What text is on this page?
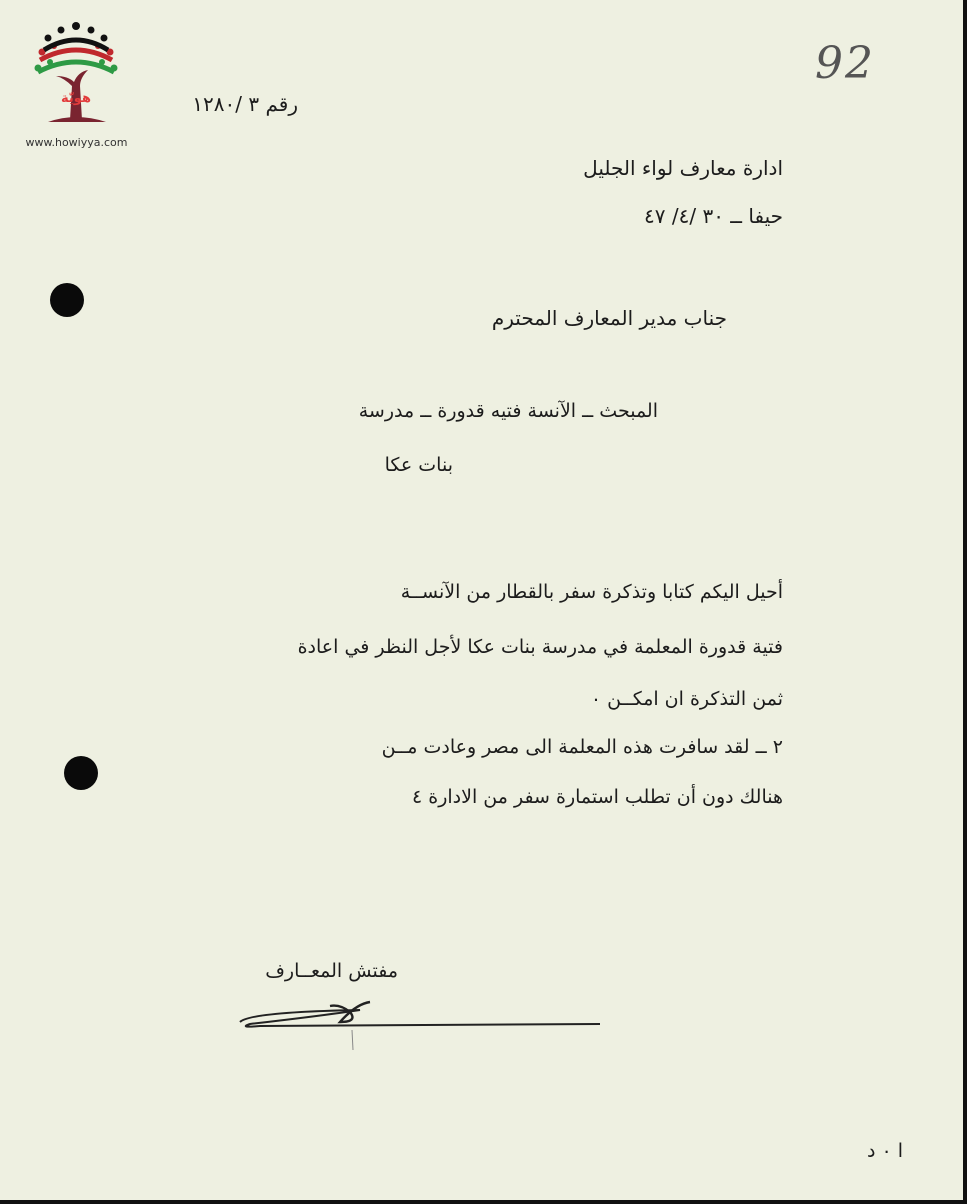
هويّة
www.howiyya.com
92
رقم ٣ /١٢٨٠
ادارة معارف لواء الجليل
حيفا ــ ٣٠ /٤/ ٤٧
جناب مدير المعارف المحترم
المبحث ــ الآنسة فتيه قدورة ــ مدرسة
بنات عكا
أحيل اليكم كتابا وتذكرة سفر بالقطار من الآنســة
فتية قدورة المعلمة في مدرسة بنات عكا لأجل النظر في اعادة
ثمن التذكرة ان امكــن ٠
٢ ــ لقد سافرت هذه المعلمة الى مصر وعادت مــن
هنالك دون أن تطلب استمارة سفر من الادارة ٤
مفتش المعــارف
ا ٠ د
